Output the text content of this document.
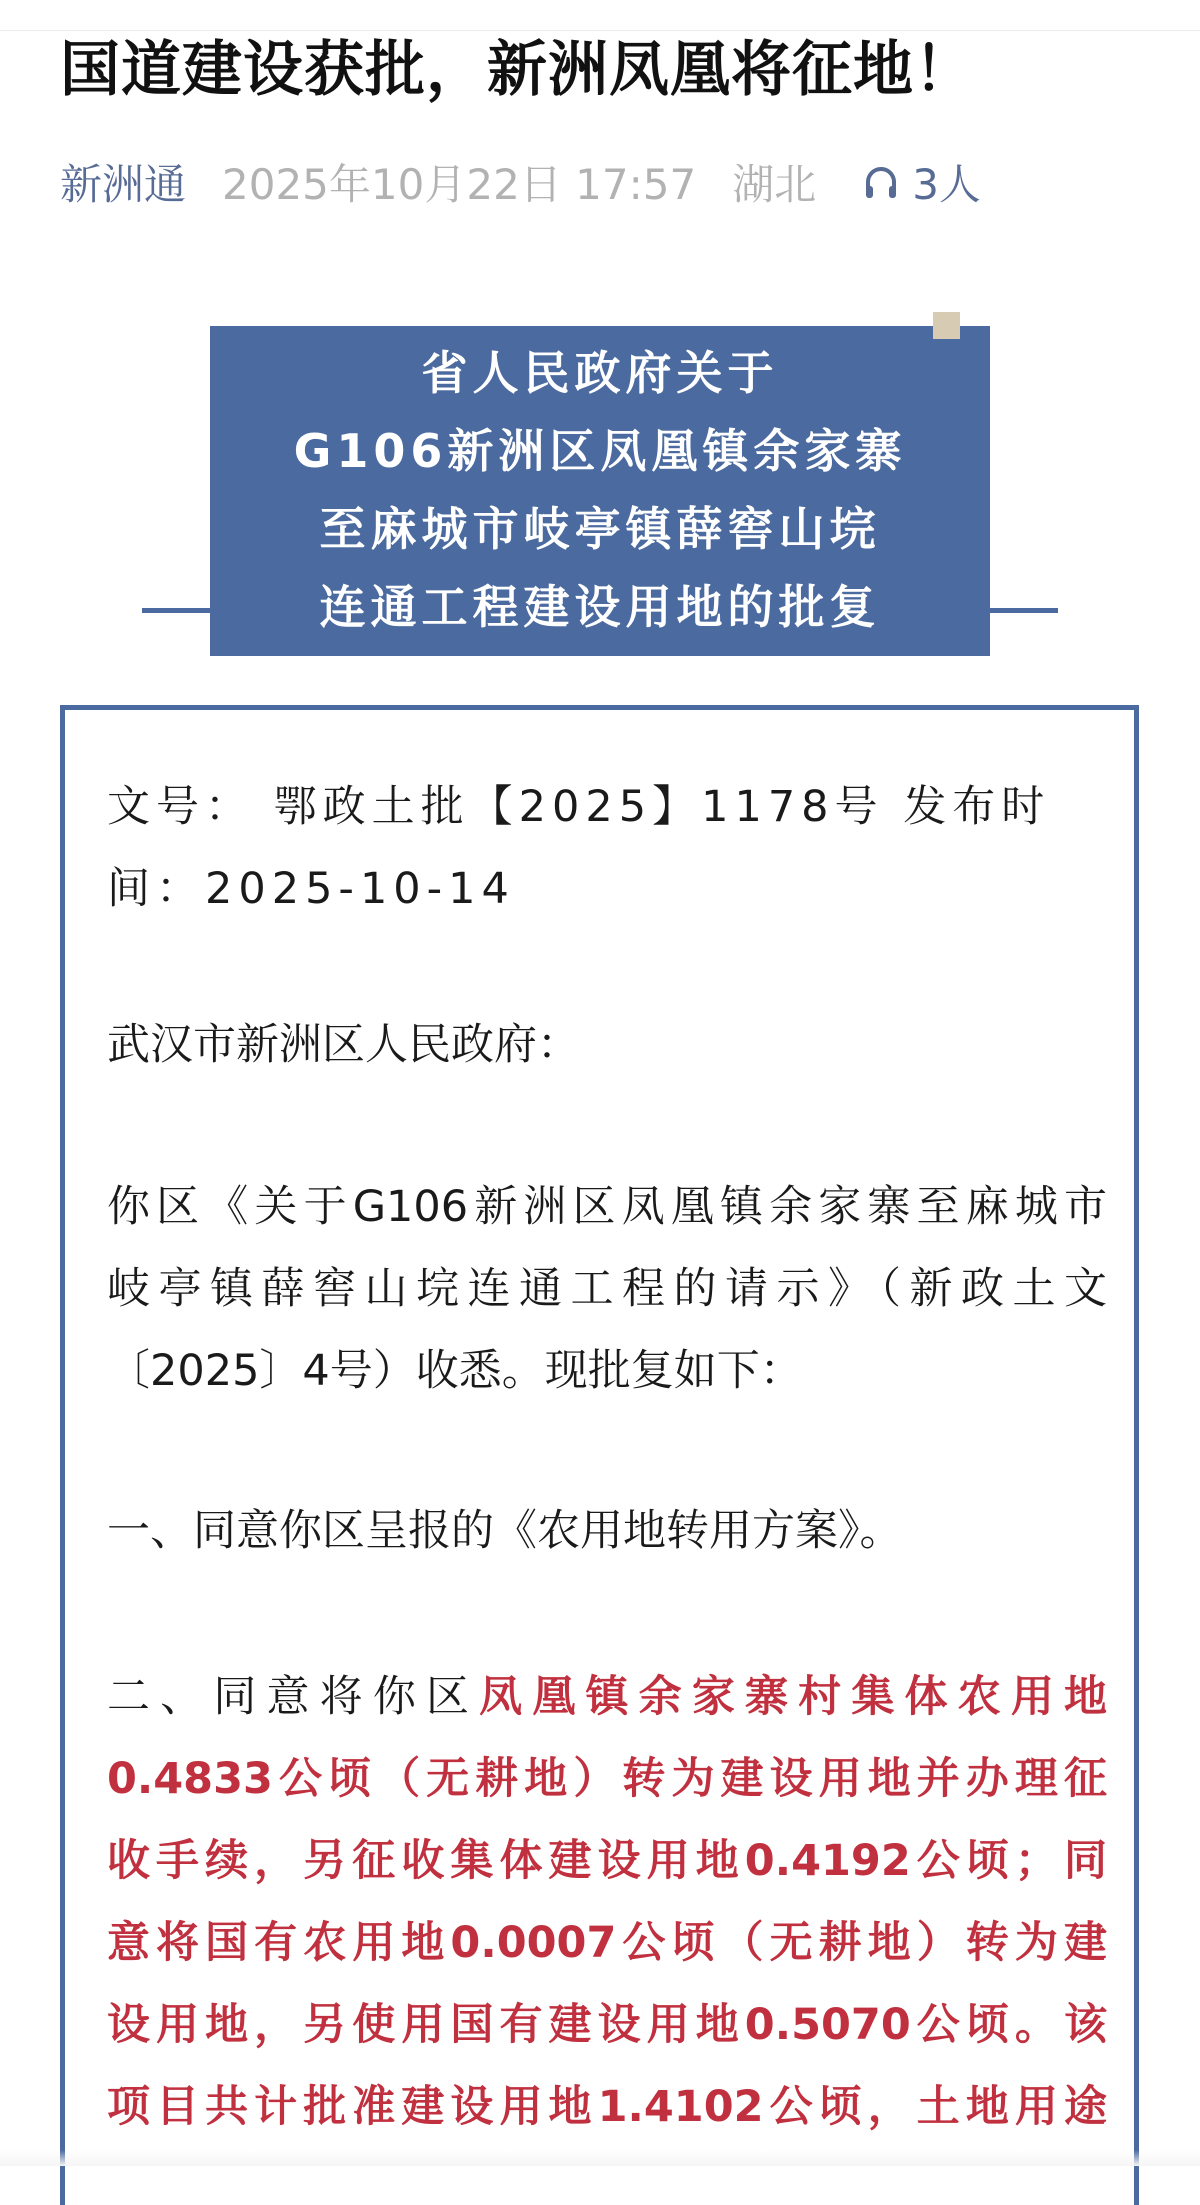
国道建设获批，新洲凤凰将征地！
新洲通 2025年10月22日 17:57 湖北 3人
省人民政府关于
G106新洲区凤凰镇余家寨
至麻城市岐亭镇薛窖山垸
连通工程建设用地的批复
文号： 鄂政土批【2025】1178号 发布时
间：2025-10-14
武汉市新洲区人民政府：
你区《关于G106新洲区凤凰镇余家寨至麻城市
岐亭镇薛窖山垸连通工程的请示》（新政土文
〔2025〕4号）收悉。现批复如下：
一、同意你区呈报的《农用地转用方案》。
二、同意将你区凤凰镇余家寨村集体农用地
0.4833公顷（无耕地）转为建设用地并办理征
收手续，另征收集体建设用地0.4192公顷；同
意将国有农用地0.0007公顷（无耕地）转为建
设用地，另使用国有建设用地0.5070公顷。该
项目共计批准建设用地1.4102公顷，土地用途
